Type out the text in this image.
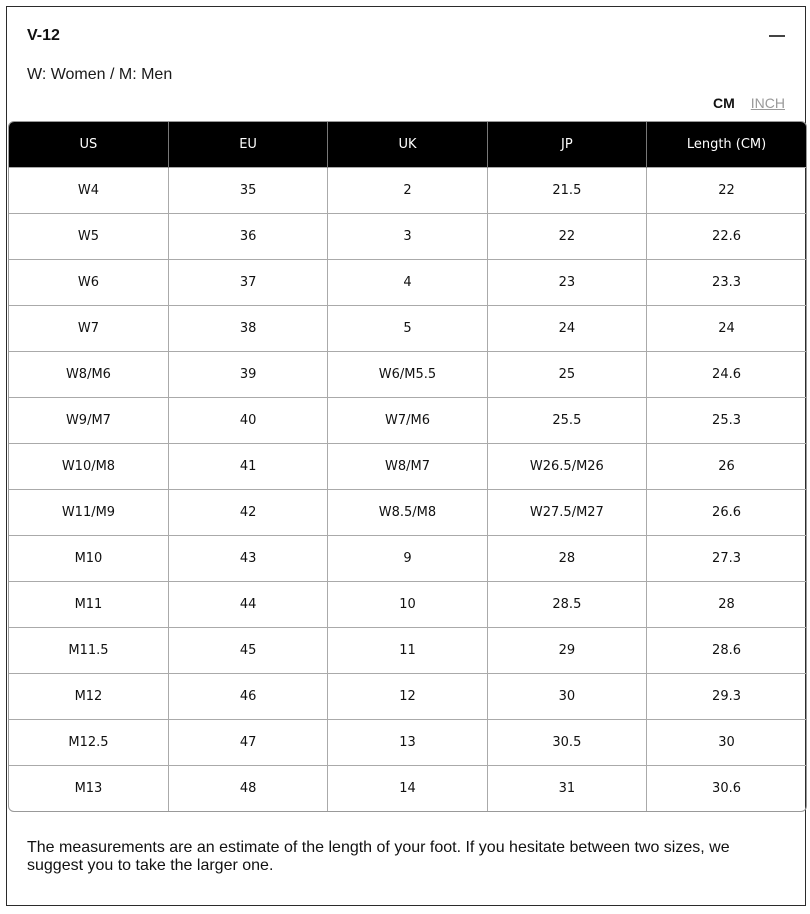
V-12
W: Women / M: Men
CM INCH
US	EU	UK	JP	Length (CM)
W4	35	2	21.5	22
W5	36	3	22	22.6
W6	37	4	23	23.3
W7	38	5	24	24
W8/M6	39	W6/M5.5	25	24.6
W9/M7	40	W7/M6	25.5	25.3
W10/M8	41	W8/M7	W26.5/M26	26
W11/M9	42	W8.5/M8	W27.5/M27	26.6
M10	43	9	28	27.3
M11	44	10	28.5	28
M11.5	45	11	29	28.6
M12	46	12	30	29.3
M12.5	47	13	30.5	30
M13	48	14	31	30.6
The measurements are an estimate of the length of your foot. If you hesitate between two sizes, we suggest you to take the larger one.
